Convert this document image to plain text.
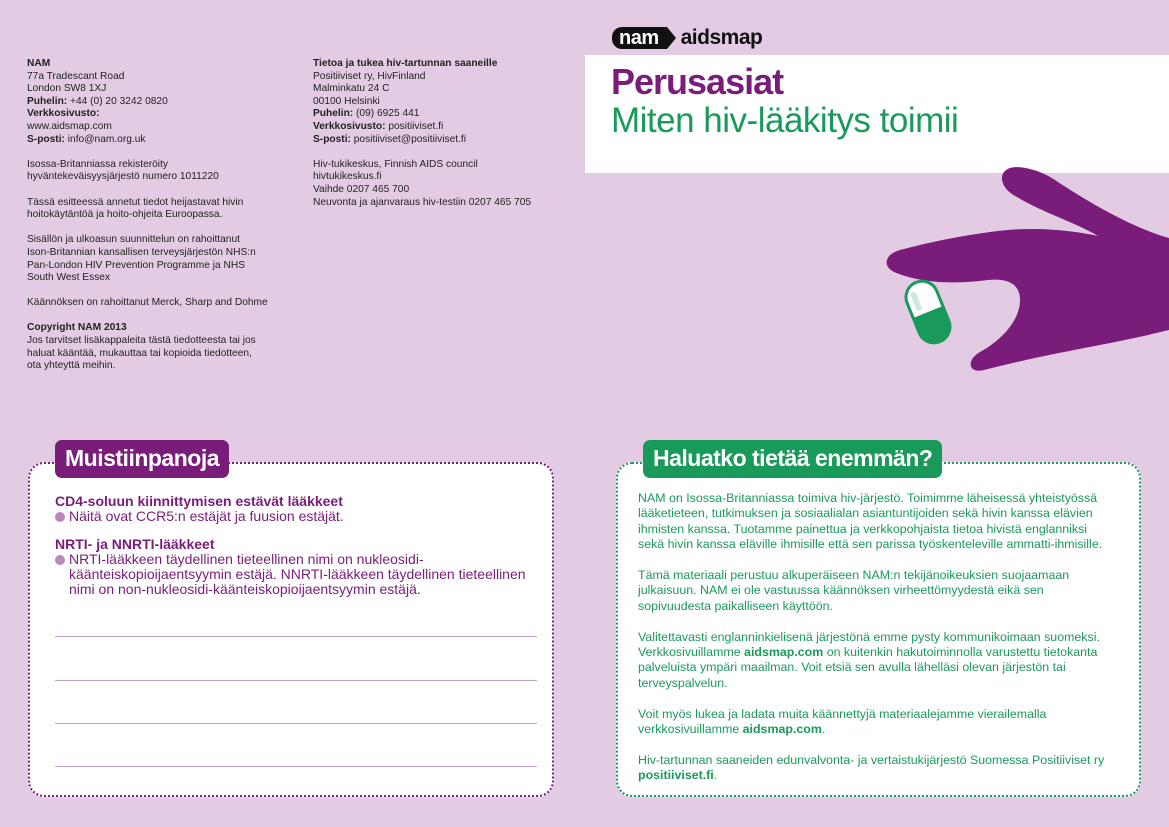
NAM
77a Tradescant Road
London SW8 1XJ
Puhelin: +44 (0) 20 3242 0820
Verkkosivusto:
www.aidsmap.com
S-posti: info@nam.org.uk

Isossa-Britanniassa rekisteröity
hyväntekeväisyysjärjestö numero 1011220

Tässä esitteessä annetut tiedot heijastavat hivin
hoitokäytäntöä ja hoito-ohjeita Euroopassa.

Sisällön ja ulkoasun suunnittelun on rahoittanut
Ison-Britannian kansallisen terveysjärjestön NHS:n
Pan-London HIV Prevention Programme ja NHS
South West Essex

Käännöksen on rahoittanut Merck, Sharp and Dohme

Copyright NAM 2013
Jos tarvitset lisäkappaleita tästä tiedotteesta tai jos
haluat kääntää, mukauttaa tai kopioida tiedotteen,
ota yhteyttä meihin.

Tietoa ja tukea hiv-tartunnan saaneille
Positiiviset ry, HivFinland
Malminkatu 24 C
00100 Helsinki
Puhelin: (09) 6925 441
Verkkosivusto: positiiviset.fi
S-posti: positiiviset@positiiviset.fi

Hiv-tukikeskus, Finnish AIDS council
hivtukikeskus.fi
Vaihde 0207 465 700
Neuvonta ja ajanvaraus hiv-testiin 0207 465 705

nam	aidsmap
Perusasiat
Miten hiv-lääkitys toimii
Muistiinpanoja
CD4-soluun kiinnittymisen estävät lääkkeet
Näitä ovat CCR5:n estäjät ja fuusion estäjät.
NRTI- ja NNRTI-lääkkeet
NRTI-lääkkeen täydellinen tieteellinen nimi on nukleosidi-
käänteiskopioijaentsyymin estäjä. NNRTI-lääkkeen täydellinen tieteellinen
nimi on non-nukleosidi-käänteiskopioijaentsyymin estäjä.
Haluatko tietää enemmän?

NAM on Isossa-Britanniassa toimiva hiv-järjestö. Toimimme läheisessä yhteistyössä
lääketieteen, tutkimuksen ja sosiaalialan asiantuntijoiden sekä hivin kanssa elävien
ihmisten kanssa. Tuotamme painettua ja verkkopohjaista tietoa hivistä englanniksi
sekä hivin kanssa eläville ihmisille että sen parissa työskenteleville ammatti-ihmisille.

Tämä materiaali perustuu alkuperäiseen NAM:n tekijänoikeuksien suojaamaan
julkaisuun. NAM ei ole vastuussa käännöksen virheettömyydestä eikä sen
sopivuudesta paikalliseen käyttöön.

Valitettavasti englanninkielisenä järjestönä emme pysty kommunikoimaan suomeksi.
Verkkosivuillamme aidsmap.com on kuitenkin hakutoiminnolla varustettu tietokanta
palveluista ympäri maailman. Voit etsiä sen avulla lähelläsi olevan järjestön tai
terveyspalvelun.

Voit myös lukea ja ladata muita käännettyjä materiaalejamme vierailemalla
verkkosivuillamme aidsmap.com.

Hiv-tartunnan saaneiden edunvalvonta- ja vertaistukijärjestö Suomessa Positiiviset ry
positiiviset.fi.
